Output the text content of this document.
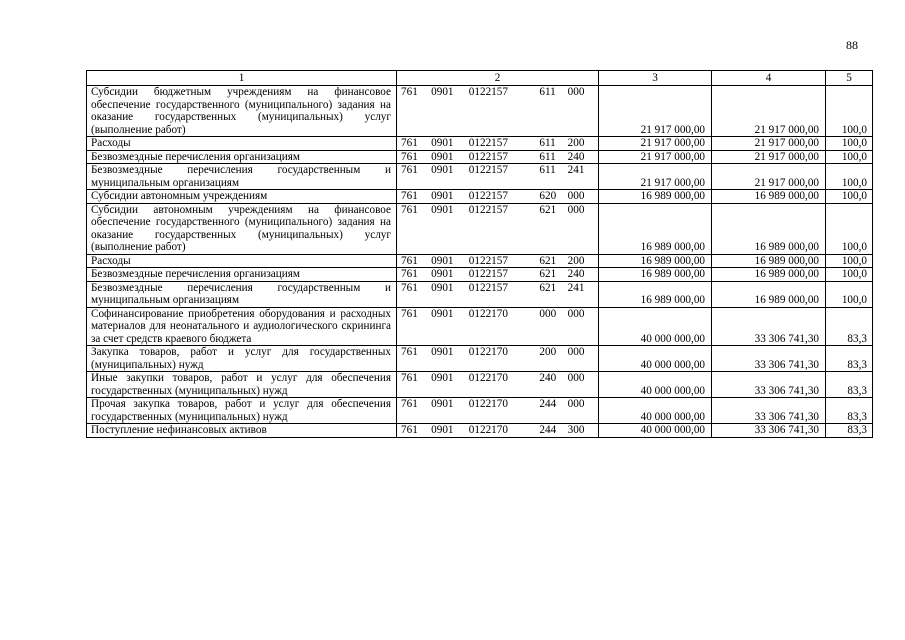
88
1	2	3	4	5
Субсидии бюджетным учреждениям на финансовое обеспечение государственного (муниципального) задания на оказание государственных (муниципальных) услуг (выполнение работ)	761 0901 0122157 611 000	21 917 000,00	21 917 000,00	100,0
Расходы	761 0901 0122157 611 200	21 917 000,00	21 917 000,00	100,0
Безвозмездные перечисления организациям	761 0901 0122157 611 240	21 917 000,00	21 917 000,00	100,0
Безвозмездные перечисления государственным и муниципальным организациям	761 0901 0122157 611 241	21 917 000,00	21 917 000,00	100,0
Субсидии автономным учреждениям	761 0901 0122157 620 000	16 989 000,00	16 989 000,00	100,0
Субсидии автономным учреждениям на финансовое обеспечение государственного (муниципального) задания на оказание государственных (муниципальных) услуг (выполнение работ)	761 0901 0122157 621 000	16 989 000,00	16 989 000,00	100,0
Расходы	761 0901 0122157 621 200	16 989 000,00	16 989 000,00	100,0
Безвозмездные перечисления организациям	761 0901 0122157 621 240	16 989 000,00	16 989 000,00	100,0
Безвозмездные перечисления государственным и муниципальным организациям	761 0901 0122157 621 241	16 989 000,00	16 989 000,00	100,0
Софинансирование приобретения оборудования и расходных материалов для неонатального и аудиологического скрининга за счет средств краевого бюджета	761 0901 0122170 000 000	40 000 000,00	33 306 741,30	83,3
Закупка товаров, работ и услуг для государственных (муниципальных) нужд	761 0901 0122170 200 000	40 000 000,00	33 306 741,30	83,3
Иные закупки товаров, работ и услуг для обеспечения государственных (муниципальных) нужд	761 0901 0122170 240 000	40 000 000,00	33 306 741,30	83,3
Прочая закупка товаров, работ и услуг для обеспечения государственных (муниципальных) нужд	761 0901 0122170 244 000	40 000 000,00	33 306 741,30	83,3
Поступление нефинансовых активов	761 0901 0122170 244 300	40 000 000,00	33 306 741,30	83,3
